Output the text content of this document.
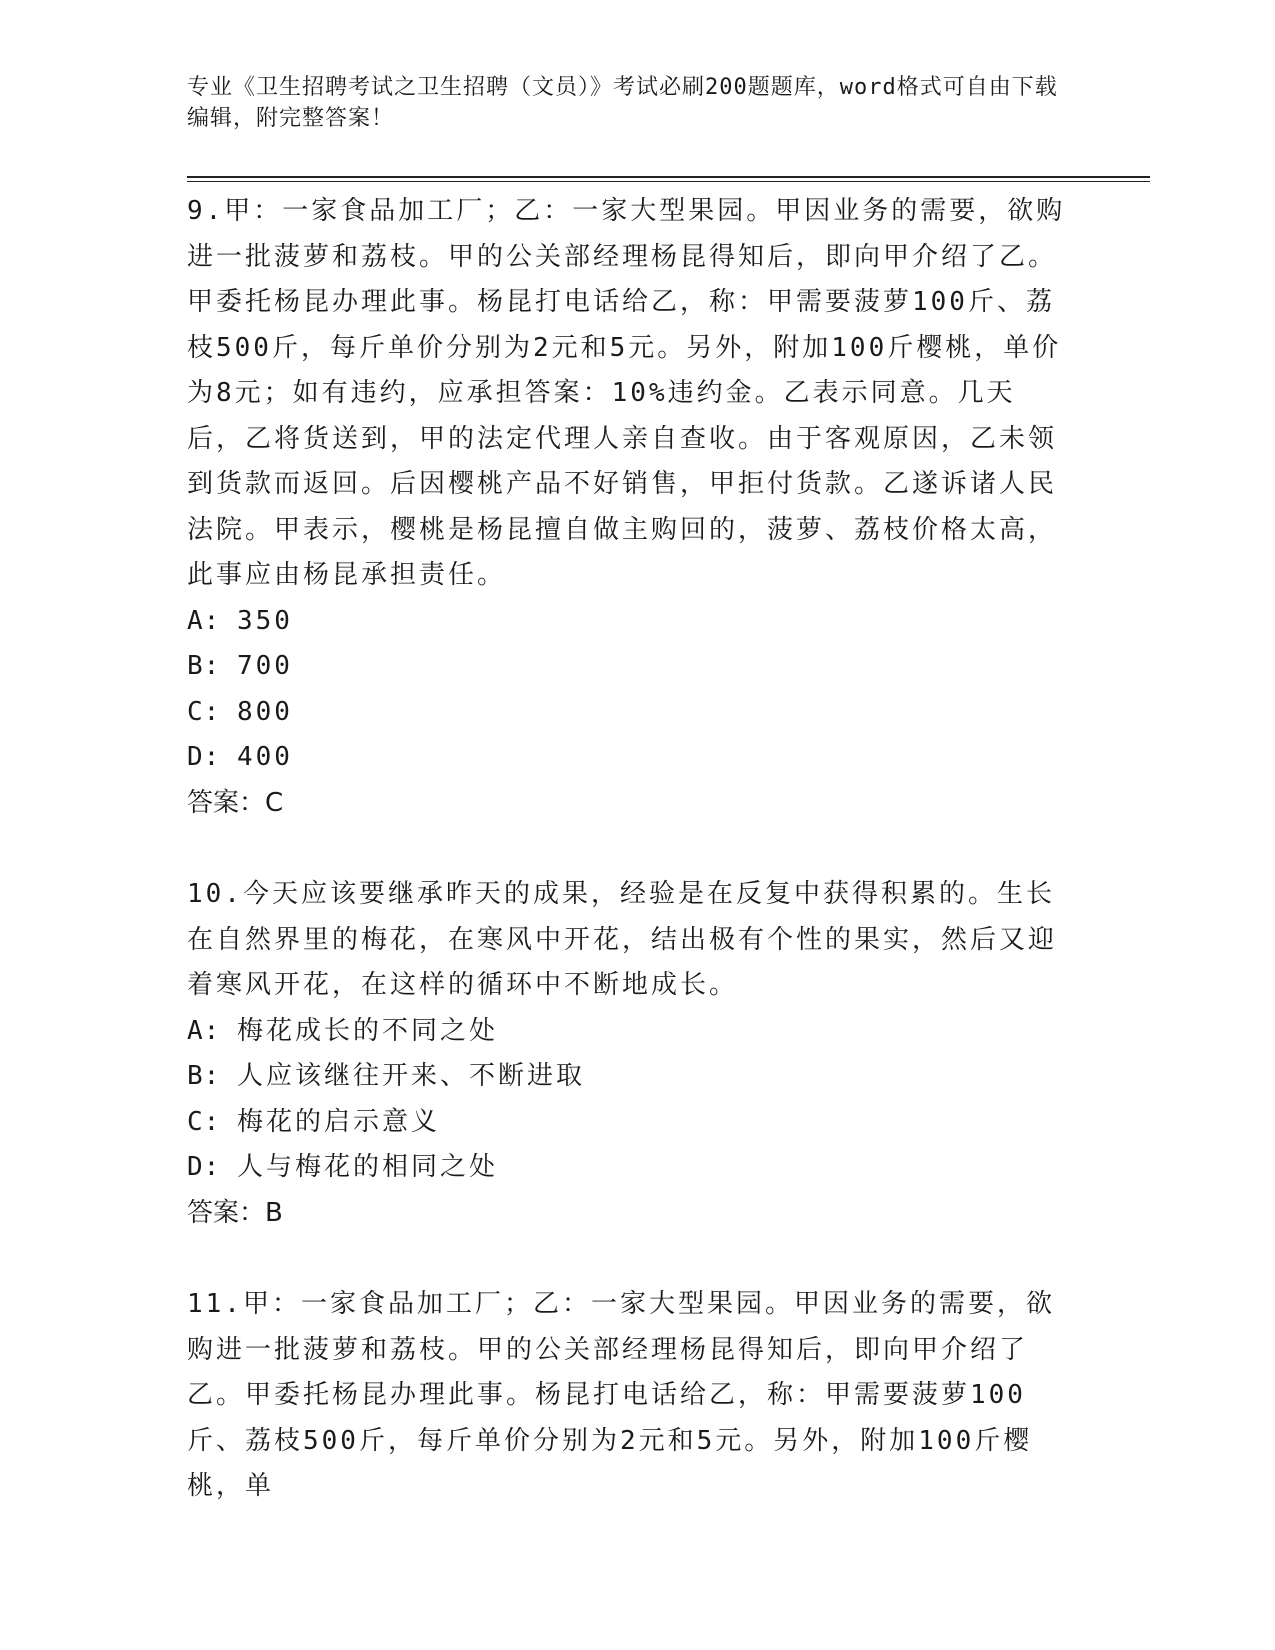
专业《卫生招聘考试之卫生招聘（文员）》考试必刷200题题库，word格式可自由下载编辑，附完整答案！
9.甲：一家食品加工厂；乙：一家大型果园。甲因业务的需要，欲购进一批菠萝和荔枝。甲的公关部经理杨昆得知后，即向甲介绍了乙。甲委托杨昆办理此事。杨昆打电话给乙，称：甲需要菠萝100斤、荔枝500斤，每斤单价分别为2元和5元。另外，附加100斤樱桃，单价为8元；如有违约，应承担答案：10%违约金。乙表示同意。几天后，乙将货送到，甲的法定代理人亲自查收。由于客观原因，乙未领到货款而返回。后因樱桃产品不好销售，甲拒付货款。乙遂诉诸人民法院。甲表示，樱桃是杨昆擅自做主购回的，菠萝、荔枝价格太高，此事应由杨昆承担责任。
A: 350
B: 700
C: 800
D: 400
答案：C
10.今天应该要继承昨天的成果，经验是在反复中获得积累的。生长在自然界里的梅花，在寒风中开花，结出极有个性的果实，然后又迎着寒风开花，在这样的循环中不断地成长。
A: 梅花成长的不同之处
B: 人应该继往开来、不断进取
C: 梅花的启示意义
D: 人与梅花的相同之处
答案：B
11.甲：一家食品加工厂；乙：一家大型果园。甲因业务的需要，欲购进一批菠萝和荔枝。甲的公关部经理杨昆得知后，即向甲介绍了乙。甲委托杨昆办理此事。杨昆打电话给乙，称：甲需要菠萝100斤、荔枝500斤，每斤单价分别为2元和5元。另外，附加100斤樱桃，单
